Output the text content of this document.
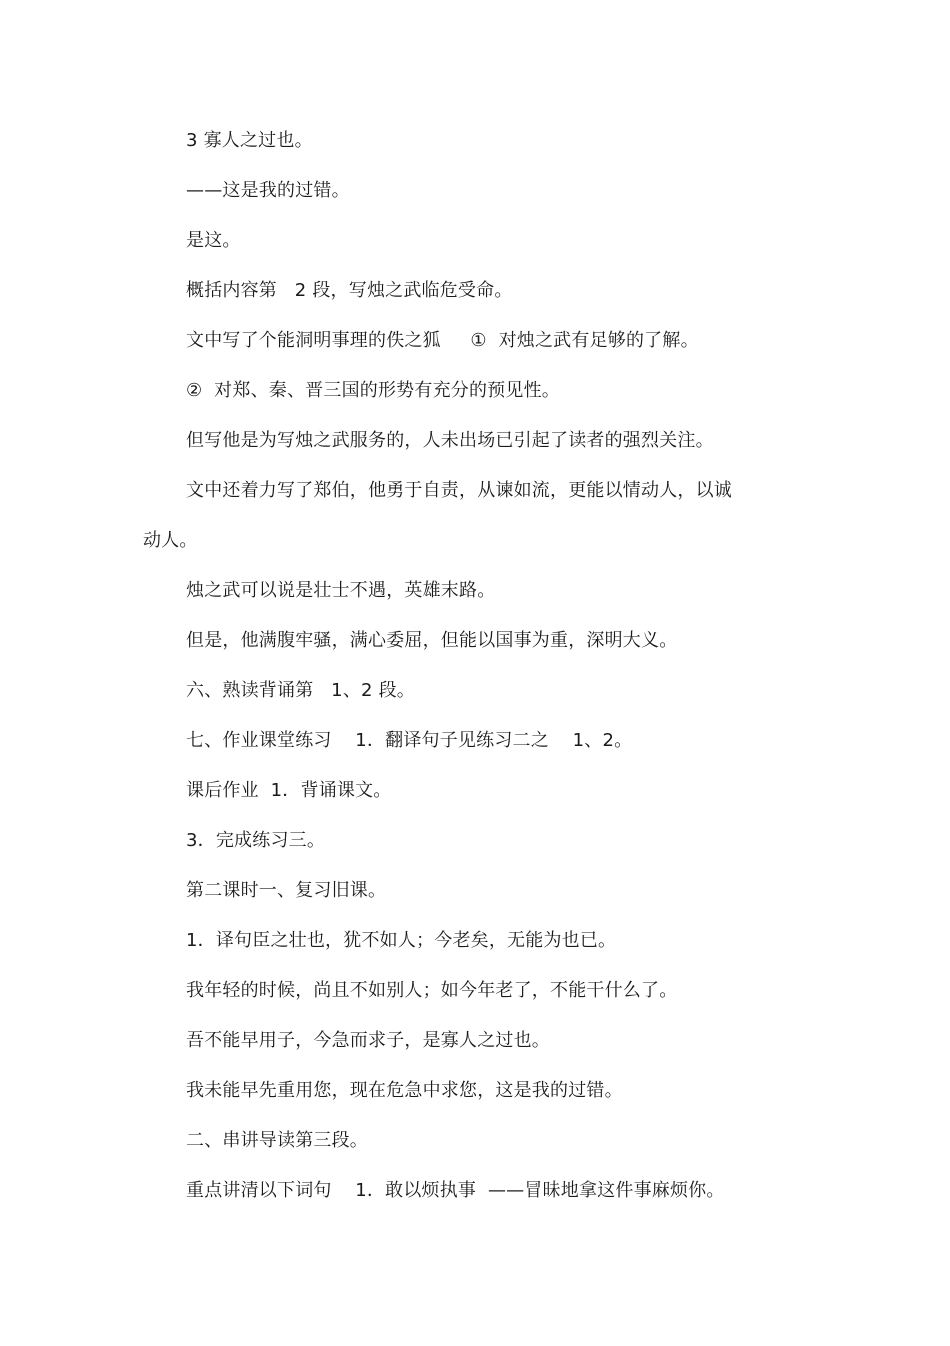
3 寡人之过也。
——这是我的过错。
是这。
概括内容第   2 段，写烛之武临危受命。
文中写了个能洞明事理的佚之狐     ①  对烛之武有足够的了解。
②  对郑、秦、晋三国的形势有充分的预见性。
但写他是为写烛之武服务的，人未出场已引起了读者的强烈关注。
文中还着力写了郑伯，他勇于自责，从谏如流，更能以情动人，以诚
动人。
烛之武可以说是壮士不遇，英雄末路。
但是，他满腹牢骚，满心委屈，但能以国事为重，深明大义。
六、熟读背诵第   1、2 段。
七、作业课堂练习    1．翻译句子见练习二之    1、2。
课后作业  1．背诵课文。
3．完成练习三。
第二课时一、复习旧课。
1．译句臣之壮也，犹不如人；今老矣，无能为也已。
我年轻的时候，尚且不如别人；如今年老了，不能干什么了。
吾不能早用子，今急而求子，是寡人之过也。
我未能早先重用您，现在危急中求您，这是我的过错。
二、串讲导读第三段。
重点讲清以下词句    1．敢以烦执事  ——冒昧地拿这件事麻烦你。
